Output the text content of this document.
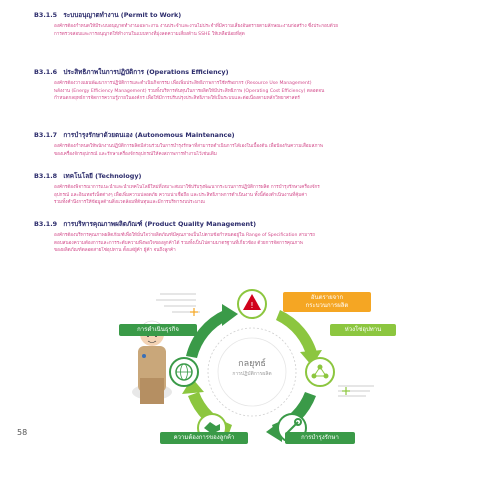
B3.1.5 ระบบอนุญาตทำงาน (Permit to Work)
องค์กรต้องกำหนดให้มีระบบอนุญาตทำงานเฉพาะงาน งานประจำและงานไม่ประจำที่มีความเสี่ยงอันตรายตามลักษณะงานก่อสร้าง ซึ่งประกอบด้วย
การตรวจสอบและการอนุญาตให้ทำงานในแบบทางที่มุ่งลดความเสี่ยงด้าน SSHE ให้เหลือน้อยที่สุด
B3.1.6 ประสิทธิภาพในการปฏิบัติการ (Operations Efficiency)
องค์กรต้องวางแผนพัฒนาการปฏิบัติการและดำเนินกิจกรรม เพื่อเพิ่มประสิทธิภาพการใช้ทรัพยากร (Resource Use Management)
พลังงาน (Energy Efficiency Management) รวมทั้งบริหารต้นทุนในการผลิตให้มีประสิทธิภาพ (Operating Cost Efficiency) ตลอดจน
กำหนดกลยุทธ์การจัดการความรู้ภายในองค์กร เพื่อให้มีการปรับปรุงประสิทธิภาพให้เป็นระบบและต่อเนื่องตามหลักวิทยาศาสตร์
B3.1.7 การบำรุงรักษาด้วยตนเอง (Autonomous Maintenance)
องค์กรต้องกำหนดให้พนักงานปฏิบัติการผลิตมีส่วนร่วมในการบำรุงรักษาที่สามารถดำเนินการได้เองในเบื้องต้น เพื่อป้องกันความเสื่อมสภาพ
ของเครื่องจักรอุปกรณ์ และรักษาเครื่องจักรอุปกรณ์ให้คงสภาพการทำงานไว้เช่นเดิม
B3.1.8 เทคโนโลยี (Technology)
องค์กรต้องพิจารณาการแนะนำและนำเทคโนโลยีใหม่ที่เหมาะสมมาใช้ปรับรุงพัฒนากระบวนการปฏิบัติการผลิต การบำรุงรักษาเครื่องจักร
อุปกรณ์ และอินเทอร์เน็ตต่างๆ เพื่อเพิ่มความปลอดภัย ความน่าเชื่อถือ และประสิทธิภาพการดำเนินงาน ทั้งนี้ต้องดำเนินงานที่คุ้มค่า
รวมทั้งคำนึงการให้ข้อมูลด้านสิ่งแวดล้อมที่ต้นทุนและมีการบริหารงบประมาณ
B3.1.9 การบริหารคุณภาพผลิตภัณฑ์ (Product Quality Management)
องค์กรต้องบริหารคุณภาพผลิตภัณฑ์เพื่อให้มั่นใจว่าผลิตภัณฑ์มีคุณภาพเป็นไปตามข้อกำหนดอยู่ใน Range of Specification สามารถ
ตอบสนองความต้องการและการระดับความพึงพอใจของลูกค้าได้ รวมทั้งเป็นไปตามมาตรฐานที่เกี่ยวข้อง ด้วยการจัดการคุณภาพ
ของผลิตภัณฑ์ตลอดสายโซ่อุปทาน ตั้งแต่ผู้ค้า ผู้ค้า จนถึงลูกค้า
!
กลยุทธ์
การปฏิบัติการผลิต
อันตรายจาก
กระบวนการผลิต
การดำเนินธุรกิจ	ห่วงโซ่อุปทาน
ความต้องการของลูกค้า	การบำรุงรักษา
58
